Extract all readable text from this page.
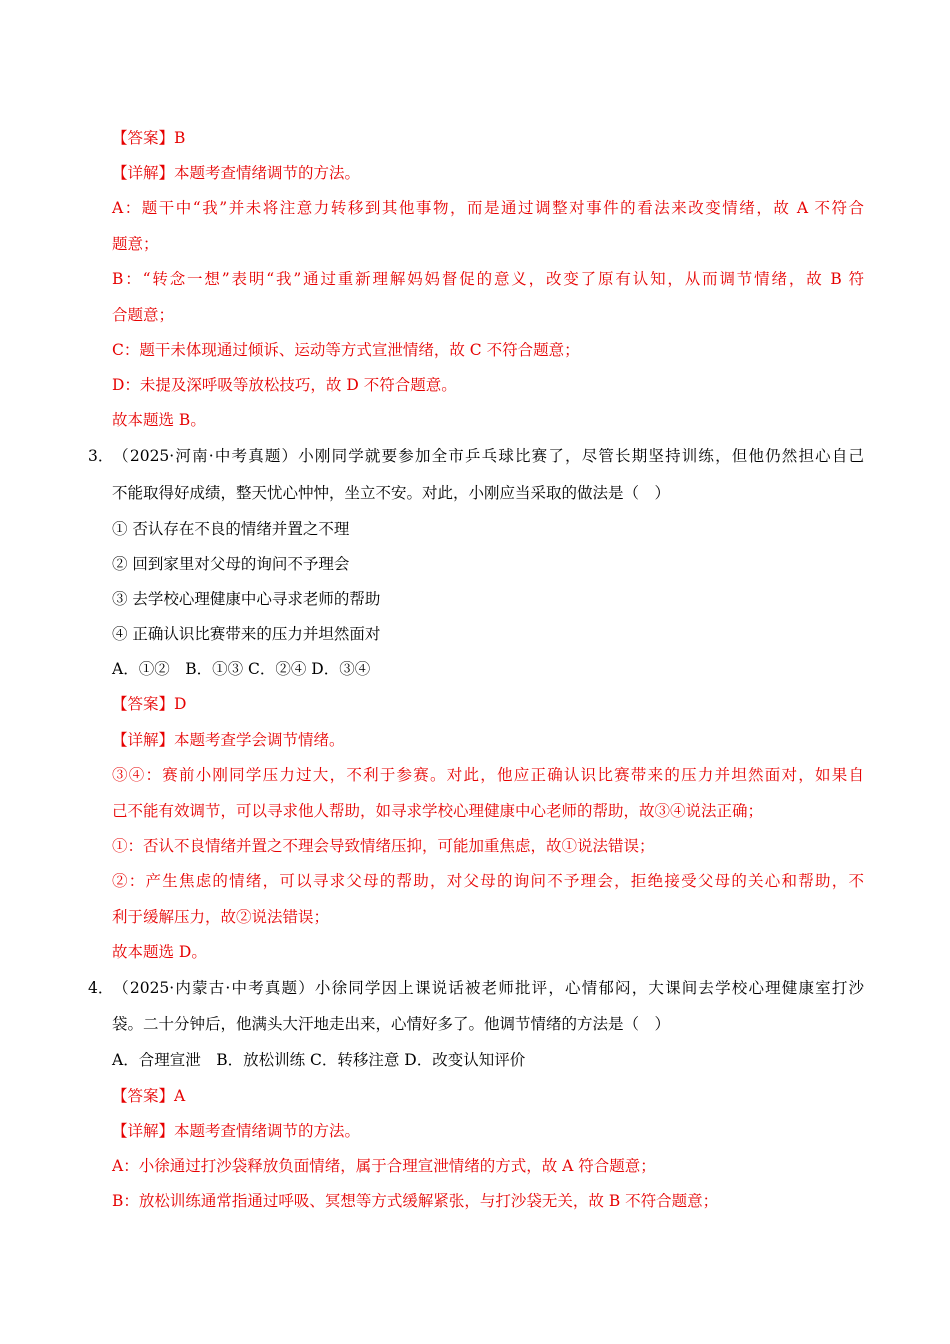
【答案】B
【详解】本题考查情绪调节的方法。
A：题干中“我”并未将注意力转移到其他事物，而是通过调整对事件的看法来改变情绪，故 A 不符合
题意；
B：“转念一想”表明“我”通过重新理解妈妈督促的意义，改变了原有认知，从而调节情绪，故 B 符
合题意；
C：题干未体现通过倾诉、运动等方式宣泄情绪，故 C 不符合题意；
D：未提及深呼吸等放松技巧，故 D 不符合题意。
故本题选 B。
3．（2025·河南·中考真题）小刚同学就要参加全市乒乓球比赛了，尽管长期坚持训练，但他仍然担心自己
不能取得好成绩，整天忧心忡忡，坐立不安。对此，小刚应当采取的做法是（　）
① 否认存在不良的情绪并置之不理
② 回到家里对父母的询问不予理会
③ 去学校心理健康中心寻求老师的帮助
④ 正确认识比赛带来的压力并坦然面对
A．①②　B．①③ C．②④ D．③④
【答案】D
【详解】本题考查学会调节情绪。
③④：赛前小刚同学压力过大，不利于参赛。对此，他应正确认识比赛带来的压力并坦然面对，如果自
己不能有效调节，可以寻求他人帮助，如寻求学校心理健康中心老师的帮助，故③④说法正确；
①：否认不良情绪并置之不理会导致情绪压抑，可能加重焦虑，故①说法错误；
②：产生焦虑的情绪，可以寻求父母的帮助，对父母的询问不予理会，拒绝接受父母的关心和帮助，不
利于缓解压力，故②说法错误；
故本题选 D。
4．（2025·内蒙古·中考真题）小徐同学因上课说话被老师批评，心情郁闷，大课间去学校心理健康室打沙
袋。二十分钟后，他满头大汗地走出来，心情好多了。他调节情绪的方法是（　）
A．合理宣泄　B．放松训练 C．转移注意 D．改变认知评价
【答案】A
【详解】本题考查情绪调节的方法。
A：小徐通过打沙袋释放负面情绪，属于合理宣泄情绪的方式，故 A 符合题意；
B：放松训练通常指通过呼吸、冥想等方式缓解紧张，与打沙袋无关，故 B 不符合题意；
